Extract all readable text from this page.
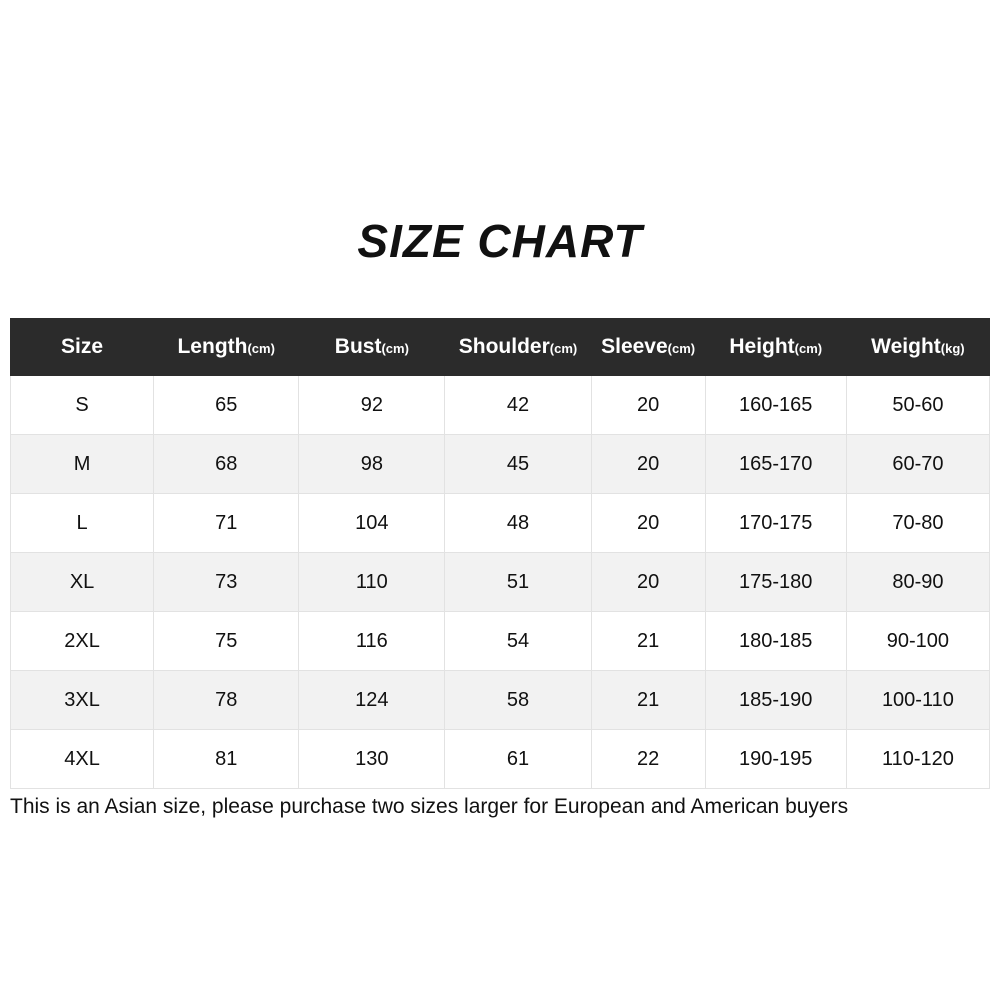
SIZE CHART
Size	Length(cm)	Bust(cm)	Shoulder(cm)	Sleeve(cm)	Height(cm)	Weight(kg)
S	65	92	42	20	160-165	50-60
M	68	98	45	20	165-170	60-70
L	71	104	48	20	170-175	70-80
XL	73	110	51	20	175-180	80-90
2XL	75	116	54	21	180-185	90-100
3XL	78	124	58	21	185-190	100-110
4XL	81	130	61	22	190-195	110-120
This is an Asian size, please purchase two sizes larger for European and American buyers
